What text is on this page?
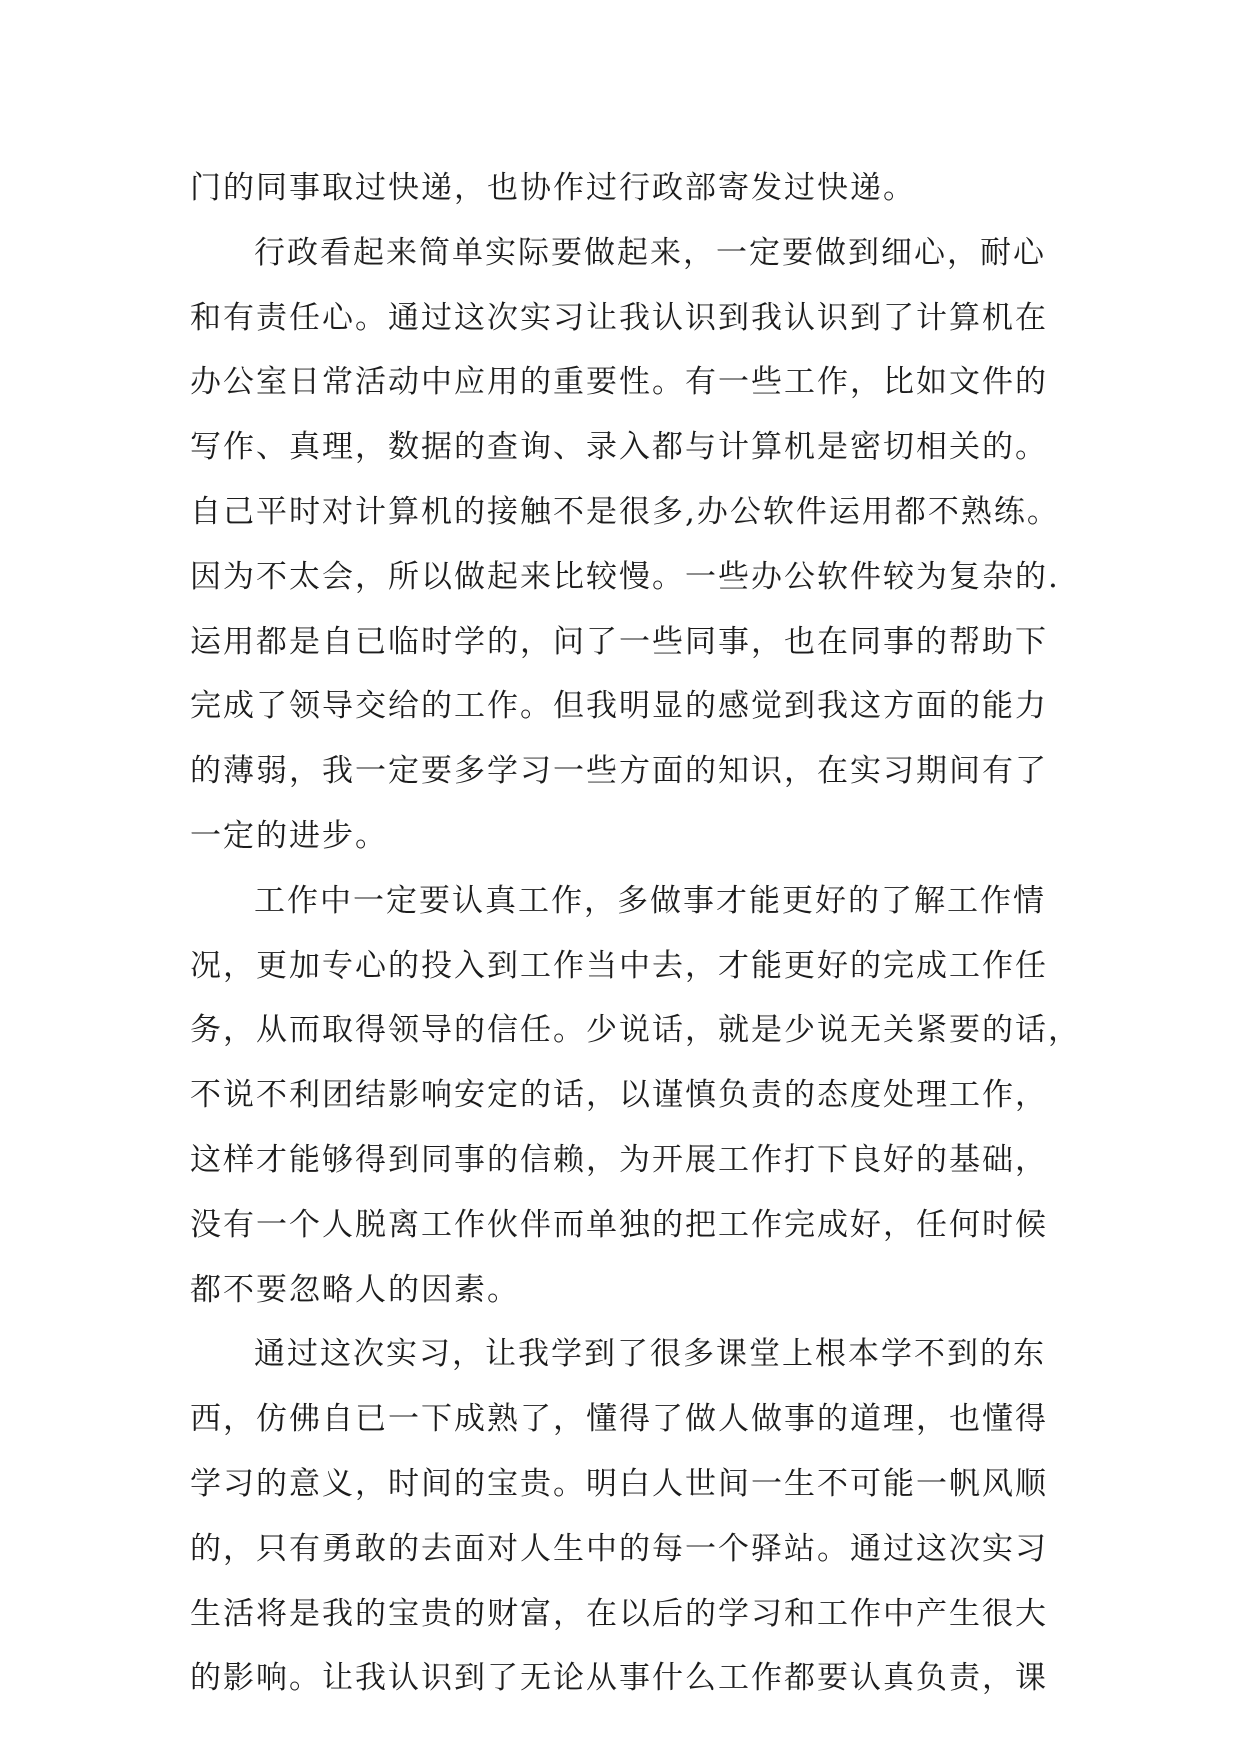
门的同事取过快递，也协作过行政部寄发过快递。
行政看起来简单实际要做起来，一定要做到细心，耐心
和有责任心。通过这次实习让我认识到我认识到了计算机在
办公室日常活动中应用的重要性。有一些工作，比如文件的
写作、真理，数据的查询、录入都与计算机是密切相关的。
自己平时对计算机的接触不是很多,办公软件运用都不熟练。
因为不太会，所以做起来比较慢。一些办公软件较为复杂的.
运用都是自已临时学的，问了一些同事，也在同事的帮助下
完成了领导交给的工作。但我明显的感觉到我这方面的能力
的薄弱，我一定要多学习一些方面的知识，在实习期间有了
一定的进步。
工作中一定要认真工作，多做事才能更好的了解工作情
况，更加专心的投入到工作当中去，才能更好的完成工作任
务，从而取得领导的信任。少说话，就是少说无关紧要的话，
不说不利团结影响安定的话，以谨慎负责的态度处理工作，
这样才能够得到同事的信赖，为开展工作打下良好的基础，
没有一个人脱离工作伙伴而单独的把工作完成好，任何时候
都不要忽略人的因素。
通过这次实习，让我学到了很多课堂上根本学不到的东
西，仿佛自已一下成熟了，懂得了做人做事的道理，也懂得
学习的意义，时间的宝贵。明白人世间一生不可能一帆风顺
的，只有勇敢的去面对人生中的每一个驿站。通过这次实习
生活将是我的宝贵的财富，在以后的学习和工作中产生很大
的影响。让我认识到了无论从事什么工作都要认真负责，课
